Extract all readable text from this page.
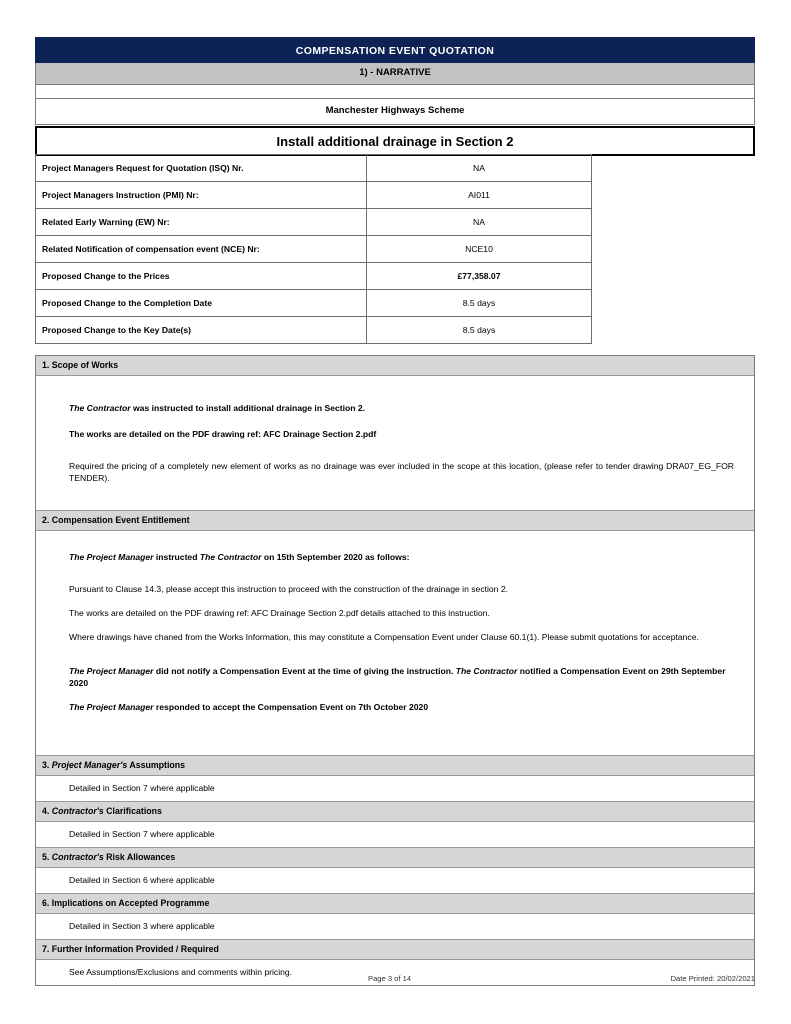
COMPENSATION EVENT QUOTATION
1) - NARRATIVE
Manchester Highways Scheme
Install additional drainage in Section 2
Project Managers Request for Quotation (ISQ) Nr.	NA
Project Managers Instruction (PMI) Nr:	AI011
Related Early Warning (EW) Nr:	NA
Related Notification of compensation event (NCE) Nr:	NCE10
Proposed Change to the Prices	£77,358.07
Proposed Change to the Completion Date	8.5 days
Proposed Change to the Key Date(s)	8.5 days
1. Scope of Works

The Contractor was instructed to install additional drainage in Section 2.

The works are detailed on the PDF drawing ref: AFC Drainage Section 2.pdf

Required the pricing of a completely new element of works as no drainage was ever included in the scope at this location, (please refer to tender drawing DRA07_EG_FOR TENDER).

2. Compensation Event Entitlement

The Project Manager instructed The Contractor on 15th September 2020 as follows:

Pursuant to Clause 14.3, please accept this instruction to proceed with the construction of the drainage in section 2.

The works are detailed on the PDF drawing ref: AFC Drainage Section 2.pdf details attached to this instruction.

Where drawings have chaned from the Works Information, this may constitute a Compensation Event under Clause 60.1(1). Please submit quotations for acceptance.

The Project Manager did not notify a Compensation Event at the time of giving the instruction. The Contractor notified a Compensation Event on 29th September 2020

The Project Manager responded to accept the Compensation Event on 7th October 2020

3. Project Manager's Assumptions
Detailed in Section 7 where applicable
4. Contractor's Clarifications
Detailed in Section 7 where applicable
5. Contractor's Risk Allowances
Detailed in Section 6 where applicable
6. Implications on Accepted Programme
Detailed in Section 3 where applicable
7. Further Information Provided / Required
See Assumptions/Exclusions and comments within pricing.
Page 3 of 14	Date Printed: 20/02/2021
